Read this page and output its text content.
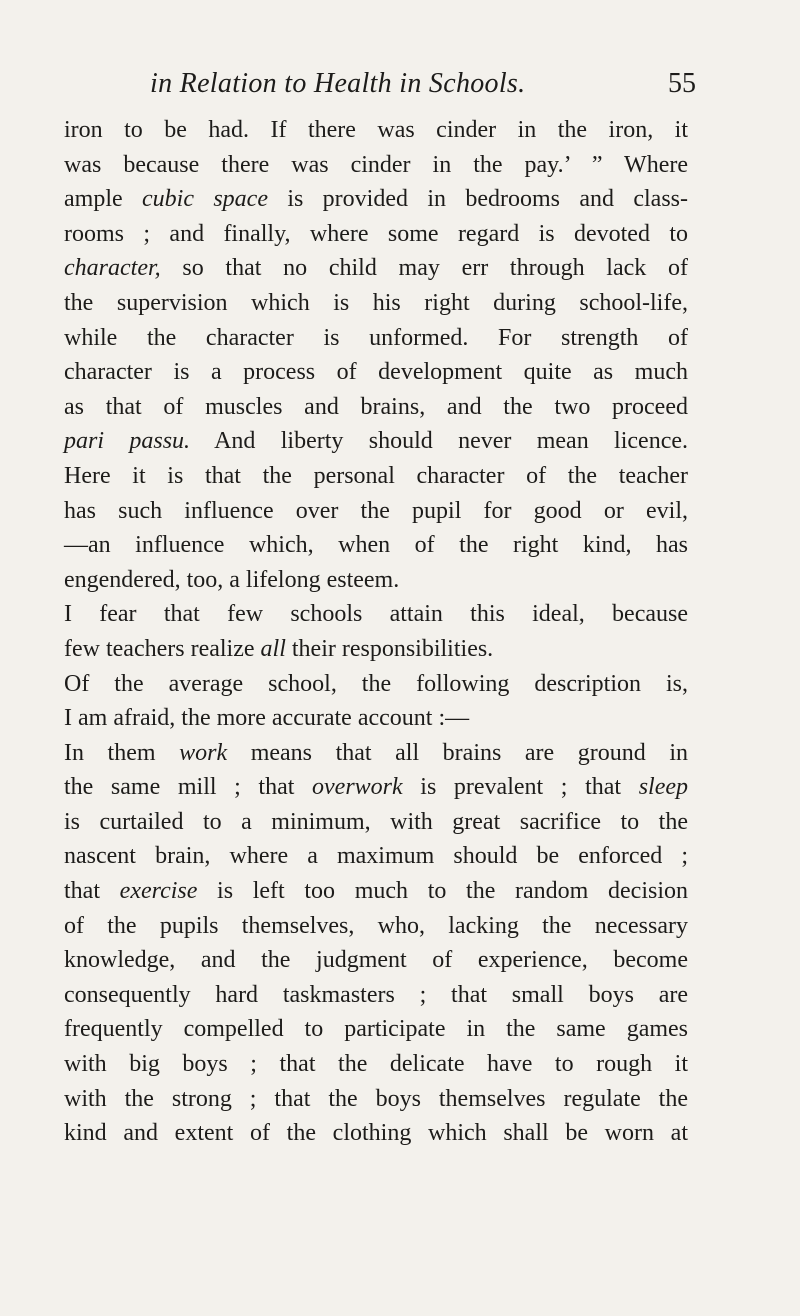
in Relation to Health in Schools.	55
iron to be had. If there was cinder in the iron, it
was because there was cinder in the pay.’ ” Where
ample cubic space is provided in bedrooms and class-
rooms ; and finally, where some regard is devoted to
character, so that no child may err through lack of
the supervision which is his right during school-life,
while the character is unformed. For strength of
character is a process of development quite as much
as that of muscles and brains, and the two proceed
pari passu. And liberty should never mean licence.
Here it is that the personal character of the teacher
has such influence over the pupil for good or evil,
—an influence which, when of the right kind, has
engendered, too, a lifelong esteem.
I fear that few schools attain this ideal, because
few teachers realize all their responsibilities.
Of the average school, the following description is,
I am afraid, the more accurate account :—
In them work means that all brains are ground in
the same mill ; that overwork is prevalent ; that sleep
is curtailed to a minimum, with great sacrifice to the
nascent brain, where a maximum should be enforced ;
that exercise is left too much to the random decision
of the pupils themselves, who, lacking the necessary
knowledge, and the judgment of experience, become
consequently hard taskmasters ; that small boys are
frequently compelled to participate in the same games
with big boys ; that the delicate have to rough it
with the strong ; that the boys themselves regulate the
kind and extent of the clothing which shall be worn at
